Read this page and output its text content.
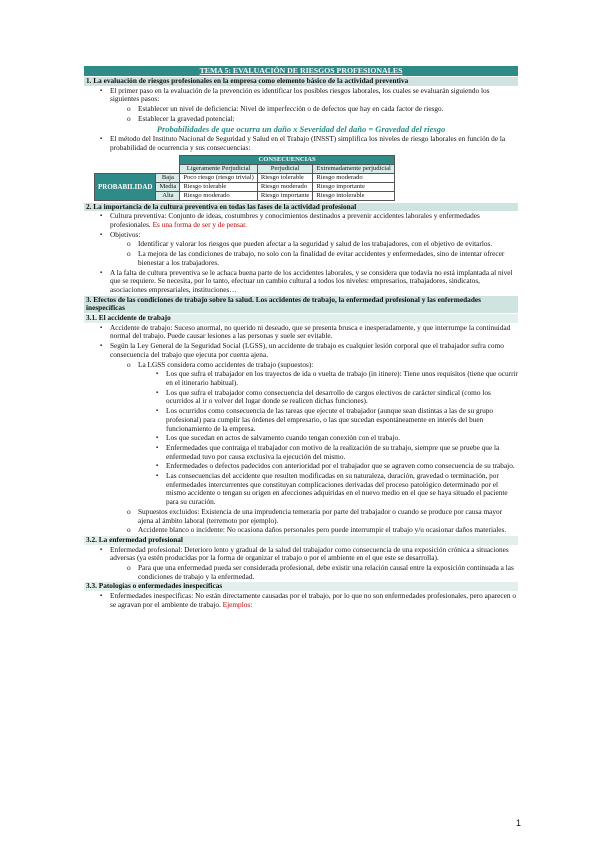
TEMA 5: EVALUACIÓN DE RIESGOS PROFESIONALES
1. La evaluación de riesgos profesionales en la empresa como elemento básico de la actividad preventiva
▪ El primer paso en la evaluación de la prevención es identificar los posibles riesgos laborales, los cuales se evaluarán siguiendo los siguientes pasos:
o Establecer un nivel de deficiencia: Nivel de imperfección o de defectos que hay en cada factor de riesgo.
o Establecer la gravedad potencial:
Probabilidades de que ocurra un daño x Severidad del daño = Gravedad del riesgo
▪ El método del Instituto Nacional de Seguridad y Salud en el Trabajo (INSST) simplifica los niveles de riesgo laborales en función de la probabilidad de ocurrencia y sus consecuencias:
		CONSECUENCIAS		
		Ligeramente Perjudicial	Perjudicial	Extremadamente perjudicial
PROBABILIDAD	Baja	Poco riesgo (riesgo trivial)	Riesgo tolerable	Riesgo moderado
	Media	Riesgo tolerable	Riesgo moderado	Riesgo importante
	Alta	Riesgo moderado	Riesgo importante	Riesgo intolerable
2. La importancia de la cultura preventiva en todas las fases de la actividad profesional
▪ Cultura preventiva: Conjunto de ideas, costumbres y conocimientos destinados a prevenir accidentes laborales y enfermedades profesionales. Es una forma de ser y de pensar.
▪ Objetivos:
o Identificar y valorar los riesgos que pueden afectar a la seguridad y salud de los trabajadores, con el objetivo de evitarlos.
o La mejora de las condiciones de trabajo, no solo con la finalidad de evitar accidentes y enfermedades, sino de intentar ofrecer bienestar a los trabajadores.
▪ A la falta de cultura preventiva se le achaca buena parte de los accidentes laborales, y se considera que todavía no está implantada al nivel que se requiere. Se necesita, por lo tanto, efectuar un cambio cultural a todos los niveles: empresarios, trabajadores, sindicatos, asociaciones empresariales, instituciones…
3. Efectos de las condiciones de trabajo sobre la salud. Los accidentes de trabajo, la enfermedad profesional y las enfermedades inespecíficas
3.1. El accidente de trabajo
▪ Accidente de trabajo: Suceso anormal, no querido ni deseado, que se presenta brusca e inesperadamente, y que interrumpe la continuidad normal del trabajo. Puede causar lesiones a las personas y suele ser evitable.
▪ Según la Ley General de la Seguridad Social (LGSS), un accidente de trabajo es cualquier lesión corporal que el trabajador sufra como consecuencia del trabajo que ejecuta por cuenta ajena.
o La LGSS considera como accidentes de trabajo (supuestos):
▪ Los que sufra el trabajador en los trayectos de ida o vuelta de trabajo (in itinere): Tiene unos requisitos (tiene que ocurrir en el itinerario habitual).
▪ Los que sufra el trabajador como consecuencia del desarrollo de cargos electivos de carácter sindical (como los ocurridos al ir o volver del lugar donde se realicen dichas funciones).
▪ Los ocurridos como consecuencia de las tareas que ejecute el trabajador (aunque sean distintas a las de su grupo profesional) para cumplir las órdenes del empresario, o las que sucedan espontáneamente en interés del buen funcionamiento de la empresa.
▪ Los que sucedan en actos de salvamento cuando tengan conexión con el trabajo.
▪ Enfermedades que contraiga el trabajador con motivo de la realización de su trabajo, siempre que se pruebe que la enfermedad tuvo por causa exclusiva la ejecución del mismo.
▪ Enfermedades o defectos padecidos con anterioridad por el trabajador que se agraven como consecuencia de su trabajo.
▪ Las consecuencias del accidente que resulten modificadas en su naturaleza, duración, gravedad o terminación, por enfermedades intercurrentes que constituyan complicaciones derivadas del proceso patológico determinado por el mismo accidente o tengan su origen en afecciones adquiridas en el nuevo medio en el que se haya situado el paciente para su curación.
o Supuestos excluidos: Existencia de una imprudencia temeraria por parte del trabajador o cuando se produce por causa mayor ajena al ámbito laboral (terremoto por ejemplo).
o Accidente blanco o incidente: No ocasiona daños personales pero puede interrumpir el trabajo y/u ocasionar daños materiales.
3.2. La enfermedad profesional
▪ Enfermedad profesional: Deterioro lento y gradual de la salud del trabajador como consecuencia de una exposición crónica a situaciones adversas (ya estén producidas por la forma de organizar el trabajo o por el ambiente en el que este se desarrolla).
o Para que una enfermedad pueda ser considerada profesional, debe existir una relación causal entre la exposición continuada a las condiciones de trabajo y la enfermedad.
3.3. Patologías o enfermedades inespecíficas
▪ Enfermedades inespecíficas: No están directamente causadas por el trabajo, por lo que no son enfermedades profesionales, pero aparecen o se agravan por el ambiente de trabajo. Ejemplos:
1
